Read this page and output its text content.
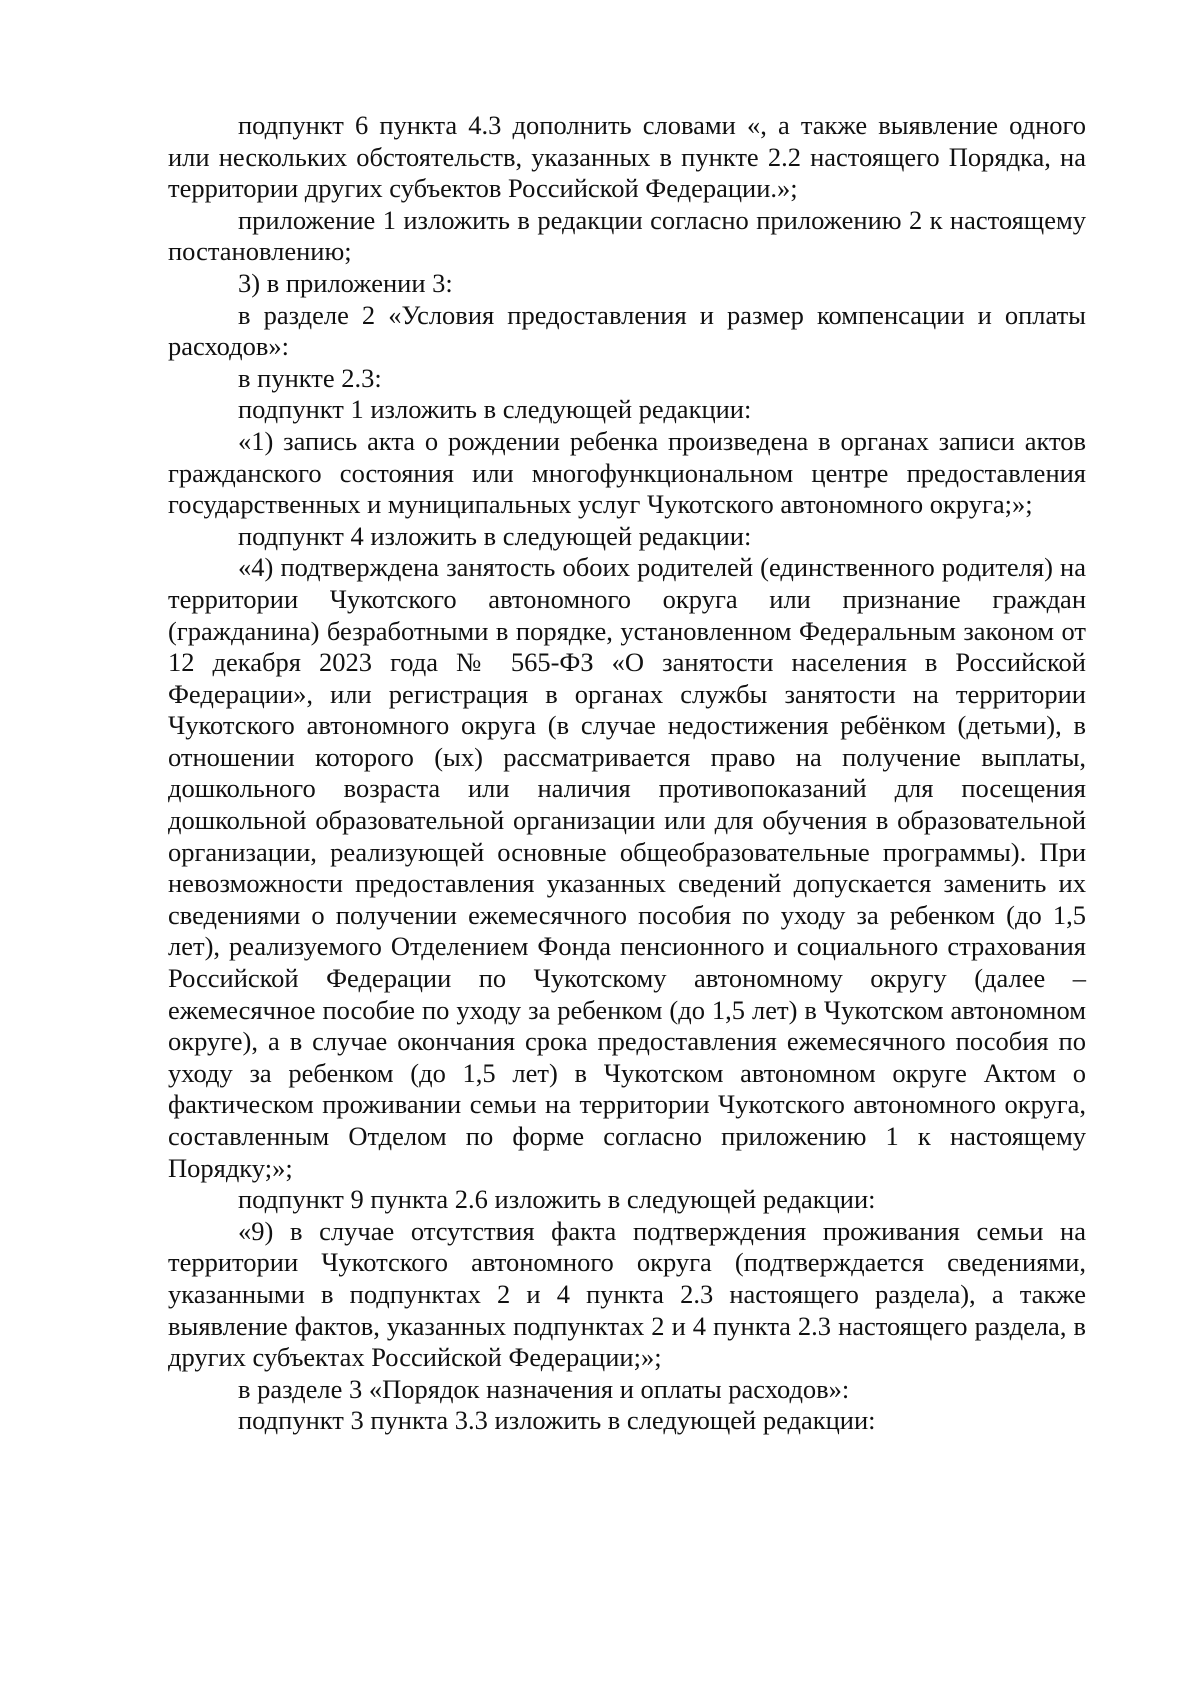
подпункт 6 пункта 4.3 дополнить словами «, а также выявление одного или нескольких обстоятельств, указанных в пункте 2.2 настоящего Порядка, на территории других субъектов Российской Федерации.»;

приложение 1 изложить в редакции согласно приложению 2 к настоящему постановлению;

3) в приложении 3:

в разделе 2 «Условия предоставления и размер компенсации и оплаты расходов»:

в пункте 2.3:

подпункт 1 изложить в следующей редакции:

«1) запись акта о рождении ребенка произведена в органах записи актов гражданского состояния или многофункциональном центре предоставления государственных и муниципальных услуг Чукотского автономного округа;»;

подпункт 4 изложить в следующей редакции:

«4) подтверждена занятость обоих родителей (единственного родителя) на территории Чукотского автономного округа или признание граждан (гражданина) безработными в порядке, установленном Федеральным законом от 12 декабря 2023 года № 565-ФЗ «О занятости населения в Российской Федерации», или регистрация в органах службы занятости на территории Чукотского автономного округа (в случае недостижения ребёнком (детьми), в отношении которого (ых) рассматривается право на получение выплаты, дошкольного возраста или наличия противопоказаний для посещения дошкольной образовательной организации или для обучения в образовательной организации, реализующей основные общеобразовательные программы). При невозможности предоставления указанных сведений допускается заменить их сведениями о получении ежемесячного пособия по уходу за ребенком (до 1,5 лет), реализуемого Отделением Фонда пенсионного и социального страхования Российской Федерации по Чукотскому автономному округу (далее – ежемесячное пособие по уходу за ребенком (до 1,5 лет) в Чукотском автономном округе), а в случае окончания срока предоставления ежемесячного пособия по уходу за ребенком (до 1,5 лет) в Чукотском автономном округе Актом о фактическом проживании семьи на территории Чукотского автономного округа, составленным Отделом по форме согласно приложению 1 к настоящему Порядку;»;

подпункт 9 пункта 2.6 изложить в следующей редакции:

«9) в случае отсутствия факта подтверждения проживания семьи на территории Чукотского автономного округа (подтверждается сведениями, указанными в подпунктах 2 и 4 пункта 2.3 настоящего раздела), а также выявление фактов, указанных подпунктах 2 и 4 пункта 2.3 настоящего раздела, в других субъектах Российской Федерации;»;

в разделе 3 «Порядок назначения и оплаты расходов»:

подпункт 3 пункта 3.3 изложить в следующей редакции:
